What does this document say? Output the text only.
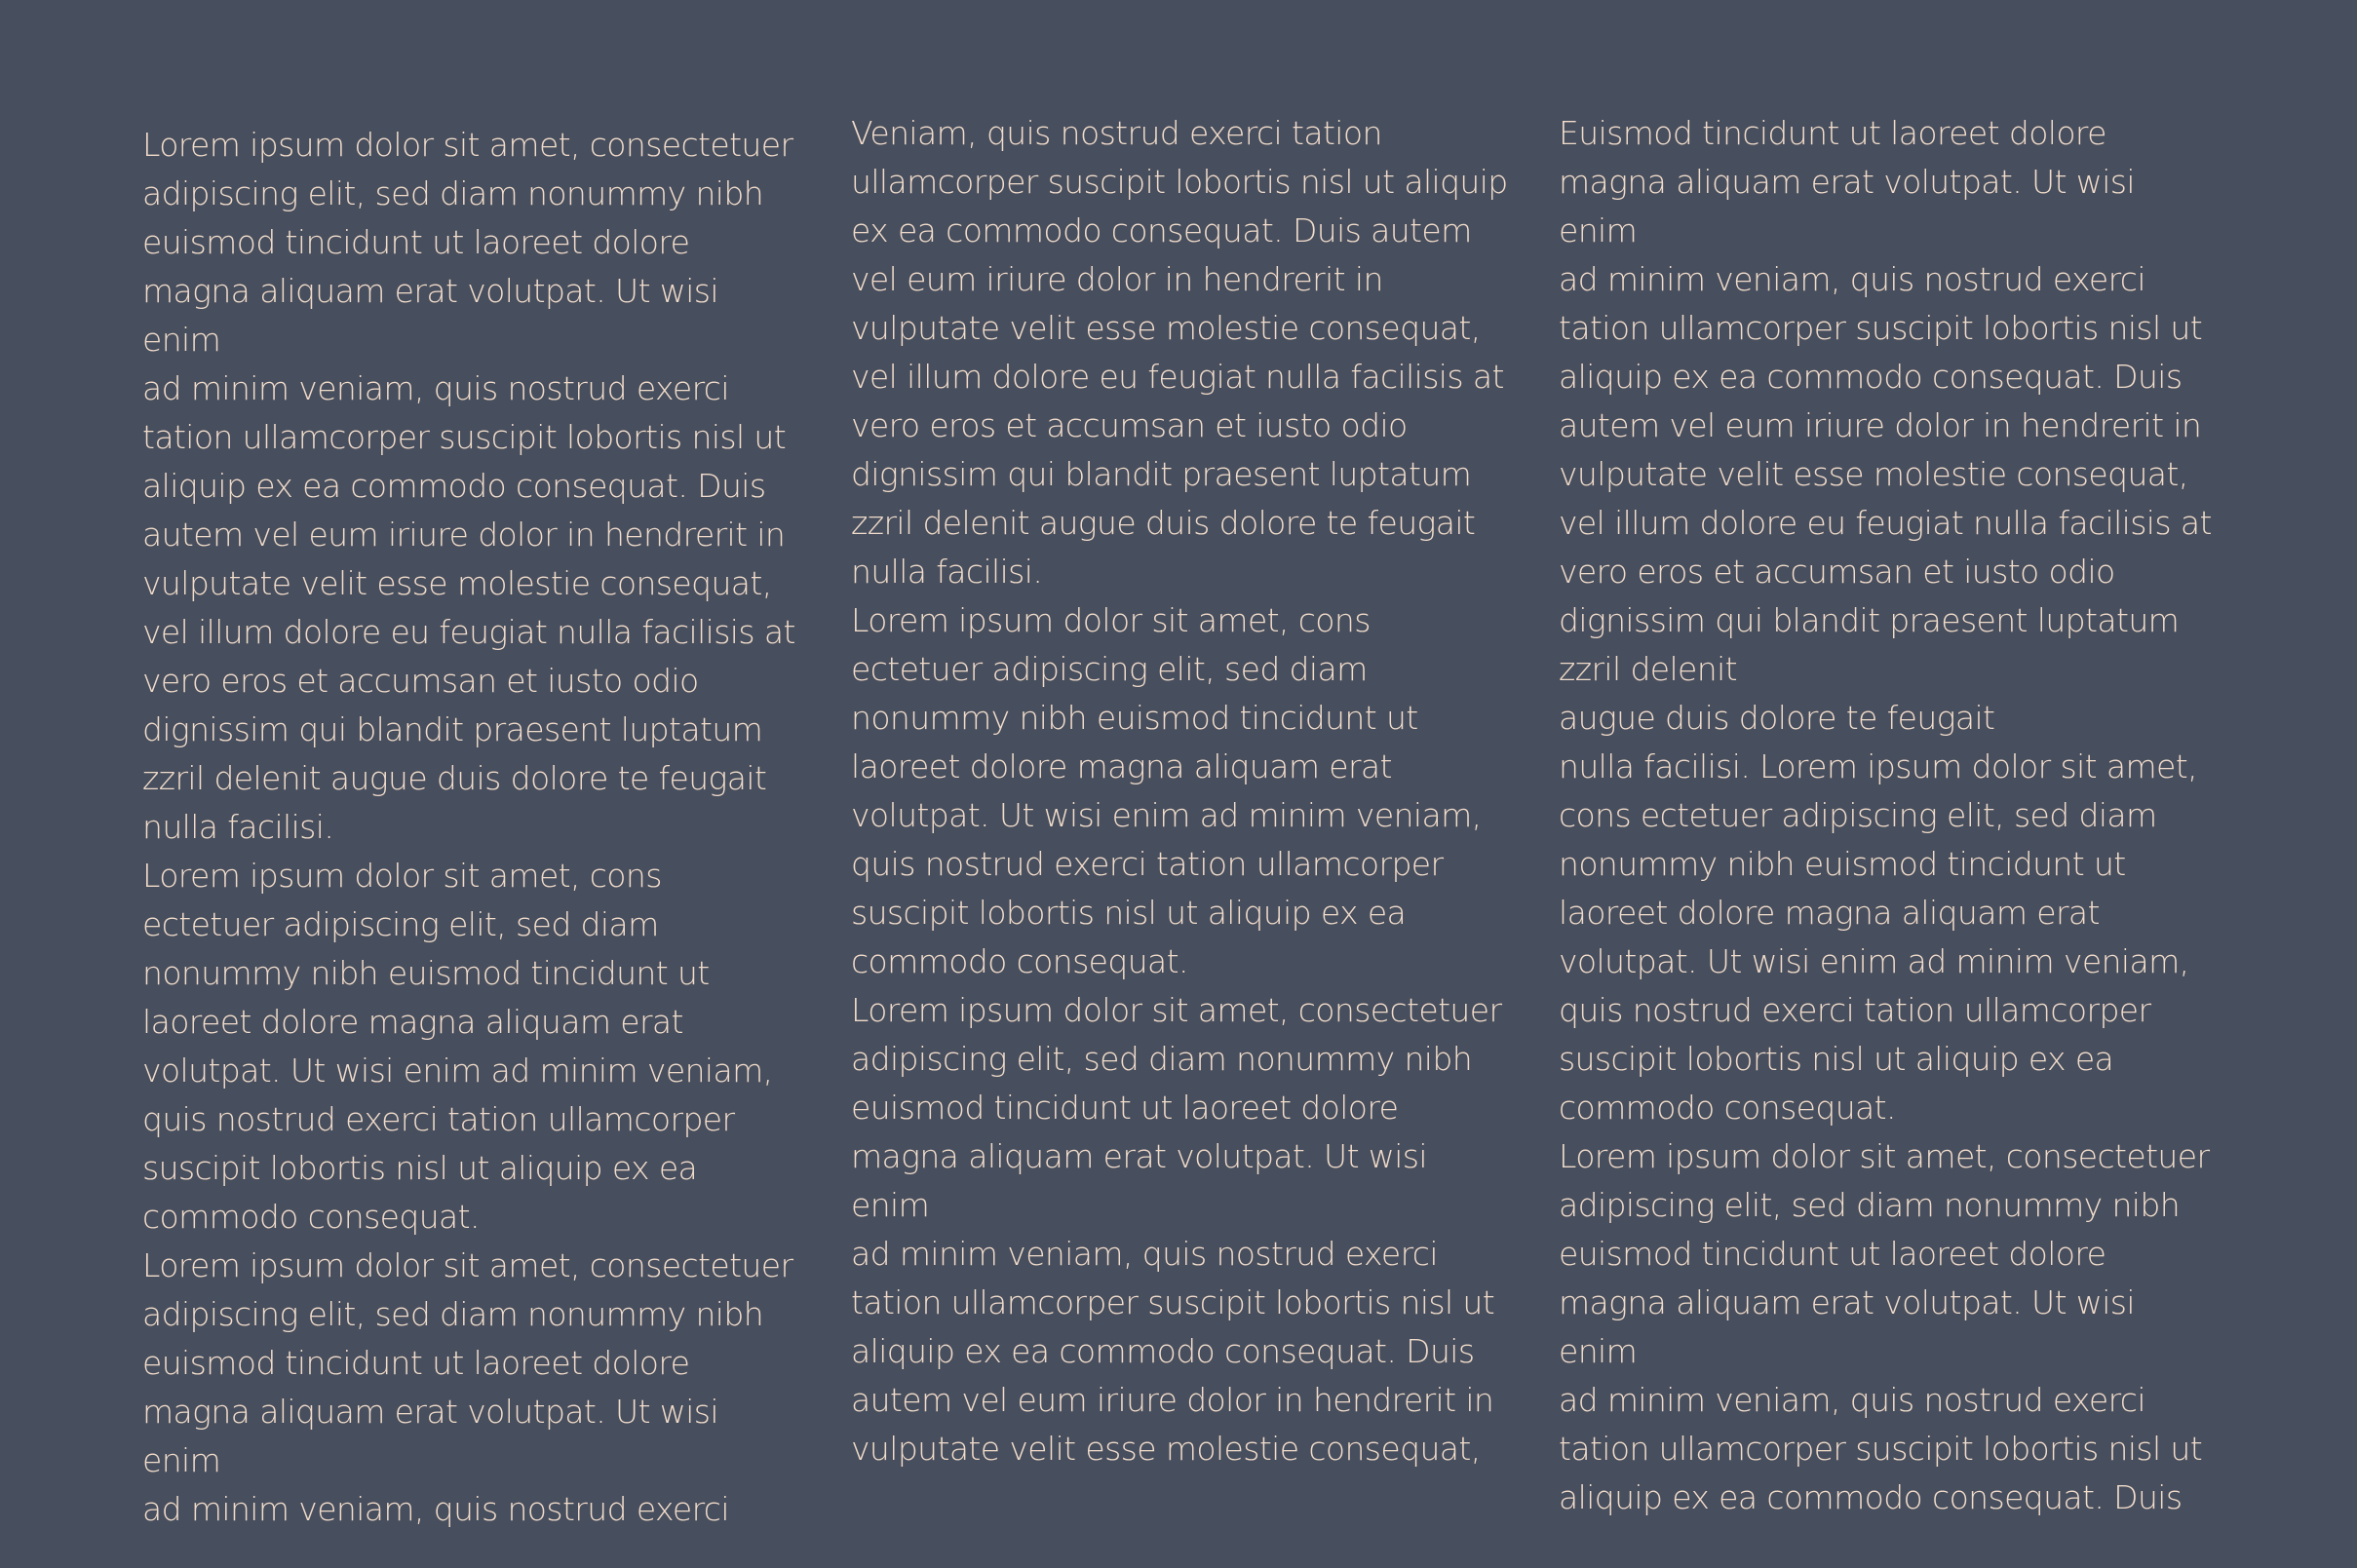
Lorem ipsum dolor sit amet, consectetuer
adipiscing elit, sed diam nonummy nibh
euismod tincidunt ut laoreet dolore
magna aliquam erat volutpat. Ut wisi enim
ad minim veniam, quis nostrud exerci
tation ullamcorper suscipit lobortis nisl ut
aliquip ex ea commodo consequat. Duis
autem vel eum iriure dolor in hendrerit in
vulputate velit esse molestie consequat,
vel illum dolore eu feugiat nulla facilisis at
vero eros et accumsan et iusto odio
dignissim qui blandit praesent luptatum
zzril delenit augue duis dolore te feugait
nulla facilisi.
Lorem ipsum dolor sit amet, cons
ectetuer adipiscing elit, sed diam
nonummy nibh euismod tincidunt ut
laoreet dolore magna aliquam erat
volutpat. Ut wisi enim ad minim veniam,
quis nostrud exerci tation ullamcorper
suscipit lobortis nisl ut aliquip ex ea
commodo consequat.
Lorem ipsum dolor sit amet, consectetuer
adipiscing elit, sed diam nonummy nibh
euismod tincidunt ut laoreet dolore
magna aliquam erat volutpat. Ut wisi enim
ad minim veniam, quis nostrud exerci
Veniam, quis nostrud exerci tation
ullamcorper suscipit lobortis nisl ut aliquip
ex ea commodo consequat. Duis autem
vel eum iriure dolor in hendrerit in
vulputate velit esse molestie consequat,
vel illum dolore eu feugiat nulla facilisis at
vero eros et accumsan et iusto odio
dignissim qui blandit praesent luptatum
zzril delenit augue duis dolore te feugait
nulla facilisi.
Lorem ipsum dolor sit amet, cons
ectetuer adipiscing elit, sed diam
nonummy nibh euismod tincidunt ut
laoreet dolore magna aliquam erat
volutpat. Ut wisi enim ad minim veniam,
quis nostrud exerci tation ullamcorper
suscipit lobortis nisl ut aliquip ex ea
commodo consequat.
Lorem ipsum dolor sit amet, consectetuer
adipiscing elit, sed diam nonummy nibh
euismod tincidunt ut laoreet dolore
magna aliquam erat volutpat. Ut wisi enim
ad minim veniam, quis nostrud exerci
tation ullamcorper suscipit lobortis nisl ut
aliquip ex ea commodo consequat. Duis
autem vel eum iriure dolor in hendrerit in
vulputate velit esse molestie consequat,
Euismod tincidunt ut laoreet dolore
magna aliquam erat volutpat. Ut wisi enim
ad minim veniam, quis nostrud exerci
tation ullamcorper suscipit lobortis nisl ut
aliquip ex ea commodo consequat. Duis
autem vel eum iriure dolor in hendrerit in
vulputate velit esse molestie consequat,
vel illum dolore eu feugiat nulla facilisis at
vero eros et accumsan et iusto odio
dignissim qui blandit praesent luptatum
zzril delenit
augue duis dolore te feugait
nulla facilisi. Lorem ipsum dolor sit amet,
cons ectetuer adipiscing elit, sed diam
nonummy nibh euismod tincidunt ut
laoreet dolore magna aliquam erat
volutpat. Ut wisi enim ad minim veniam,
quis nostrud exerci tation ullamcorper
suscipit lobortis nisl ut aliquip ex ea
commodo consequat.
Lorem ipsum dolor sit amet, consectetuer
adipiscing elit, sed diam nonummy nibh
euismod tincidunt ut laoreet dolore
magna aliquam erat volutpat. Ut wisi enim
ad minim veniam, quis nostrud exerci
tation ullamcorper suscipit lobortis nisl ut
aliquip ex ea commodo consequat. Duis
